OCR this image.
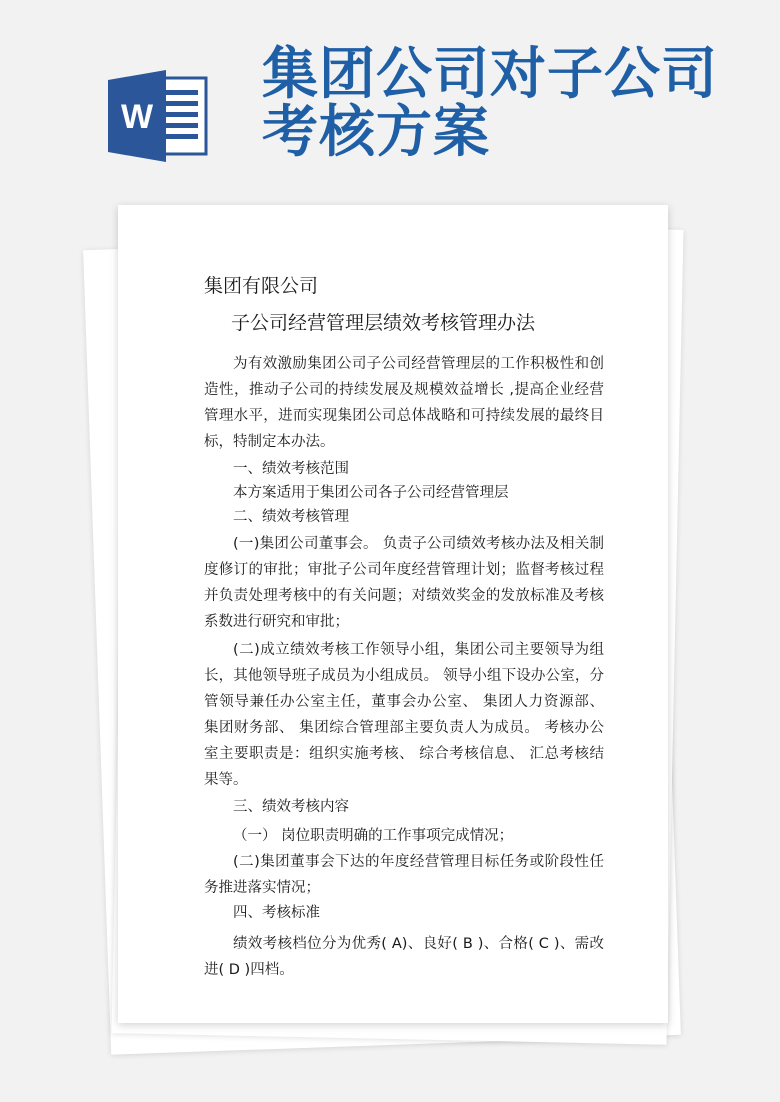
W
集团公司对子公司
考核方案
集团有限公司
子公司经营管理层绩效考核管理办法

为有效激励集团公司子公司经营管理层的工作积极性和创造性，推动子公司的持续发展及规模效益增长 ,提高企业经营管理水平，进而实现集团公司总体战略和可持续发展的最终目标，特制定本办法。

一、绩效考核范围

本方案适用于集团公司各子公司经营管理层

二、绩效考核管理

(一)集团公司董事会。 负责子公司绩效考核办法及相关制度修订的审批；审批子公司年度经营管理计划；监督考核过程并负责处理考核中的有关问题；对绩效奖金的发放标准及考核系数进行研究和审批；

(二)成立绩效考核工作领导小组，集团公司主要领导为组长，其他领导班子成员为小组成员。 领导小组下设办公室，分管领导兼任办公室主任，董事会办公室、 集团人力资源部、 集团财务部、 集团综合管理部主要负责人为成员。 考核办公室主要职责是：组织实施考核、 综合考核信息、 汇总考核结果等。

三、绩效考核内容

（一） 岗位职责明确的工作事项完成情况；

(二)集团董事会下达的年度经营管理目标任务或阶段性任务推进落实情况；

四、考核标准

绩效考核档位分为优秀( A)、良好( B )、合格( C )、需改进( D )四档。
